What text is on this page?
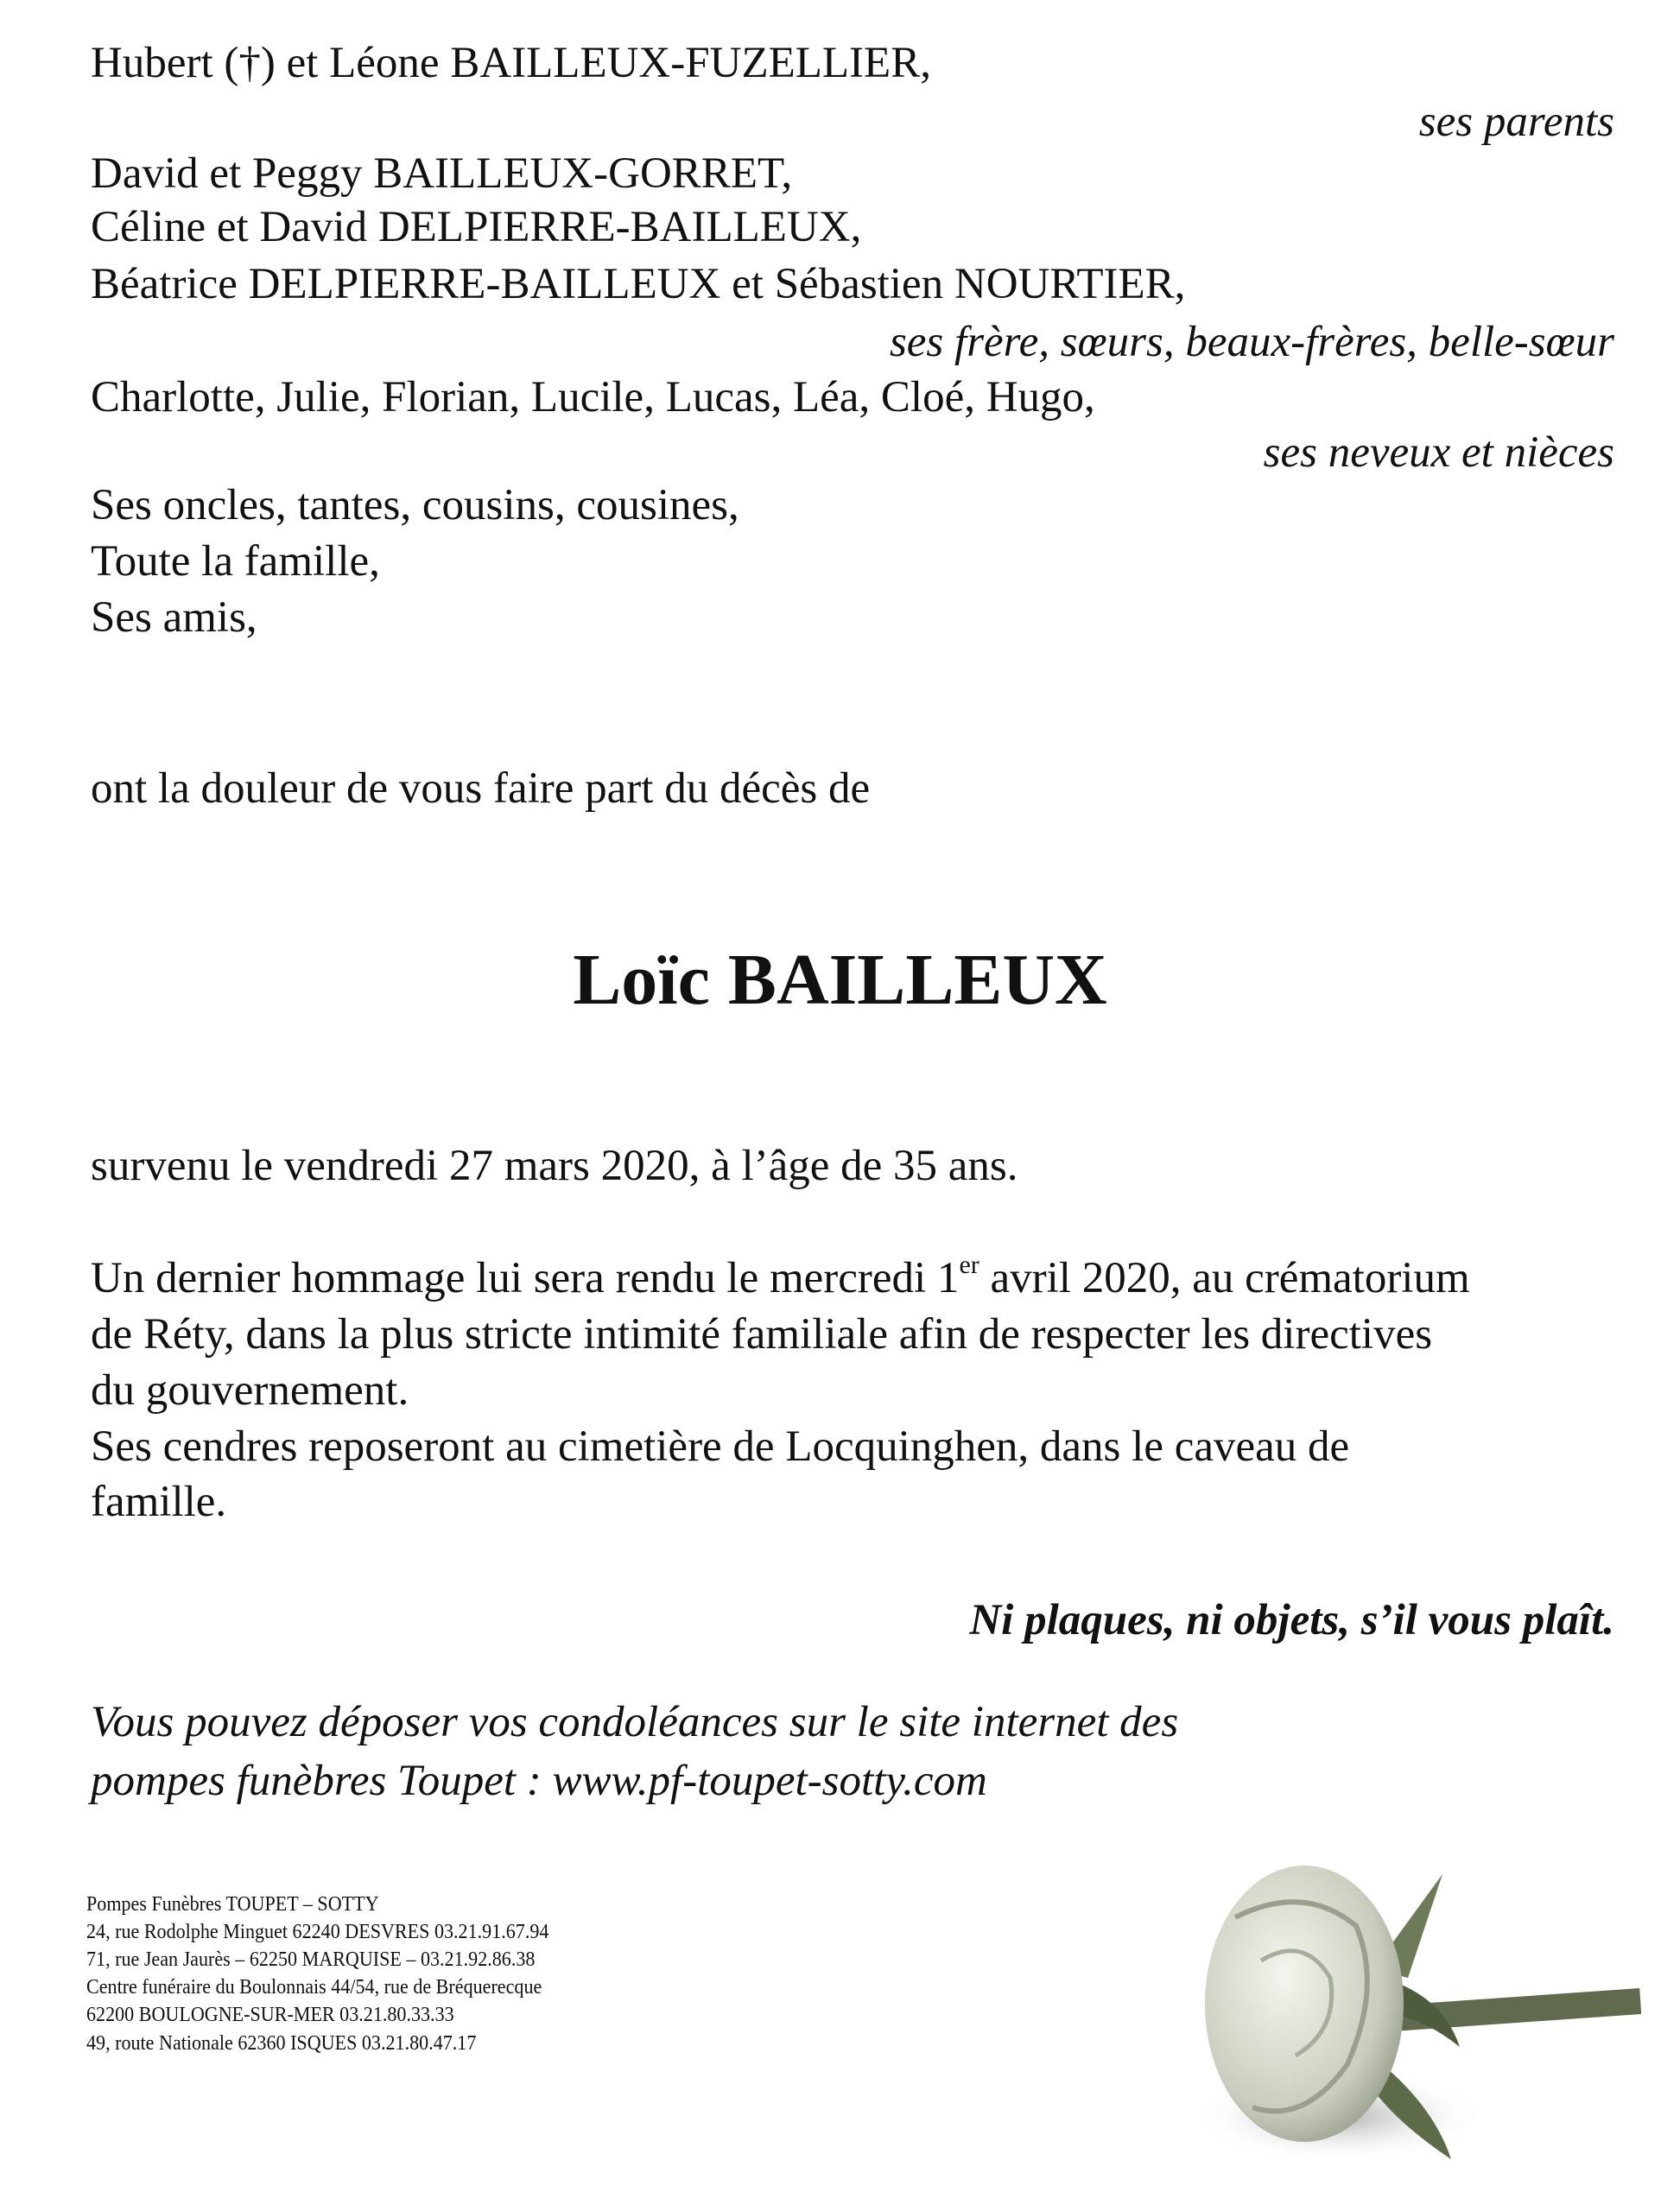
Hubert (†) et Léone BAILLEUX-FUZELLIER,
ses parents
David et Peggy BAILLEUX-GORRET,
Céline et David DELPIERRE-BAILLEUX,
Béatrice DELPIERRE-BAILLEUX et Sébastien NOURTIER,
ses frère, sœurs, beaux-frères, belle-sœur
Charlotte, Julie, Florian, Lucile, Lucas, Léa, Cloé, Hugo,
ses neveux et nièces
Ses oncles, tantes, cousins, cousines,
Toute la famille,
Ses amis,
ont la douleur de vous faire part du décès de
Loïc BAILLEUX
survenu le vendredi 27 mars 2020, à l’âge de 35 ans.
Un dernier hommage lui sera rendu le mercredi 1er avril 2020, au crématorium
de Réty, dans la plus stricte intimité familiale afin de respecter les directives
du gouvernement.
Ses cendres reposeront au cimetière de Locquinghen, dans le caveau de
famille.
Ni plaques, ni objets, s’il vous plaît.
Vous pouvez déposer vos condoléances sur le site internet des
pompes funèbres Toupet : www.pf-toupet-sotty.com
Pompes Funèbres TOUPET – SOTTY
24, rue Rodolphe Minguet 62240 DESVRES 03.21.91.67.94
71, rue Jean Jaurès – 62250 MARQUISE – 03.21.92.86.38
Centre funéraire du Boulonnais 44/54, rue de Bréquerecque
62200 BOULOGNE-SUR-MER 03.21.80.33.33
49, route Nationale 62360 ISQUES 03.21.80.47.17
